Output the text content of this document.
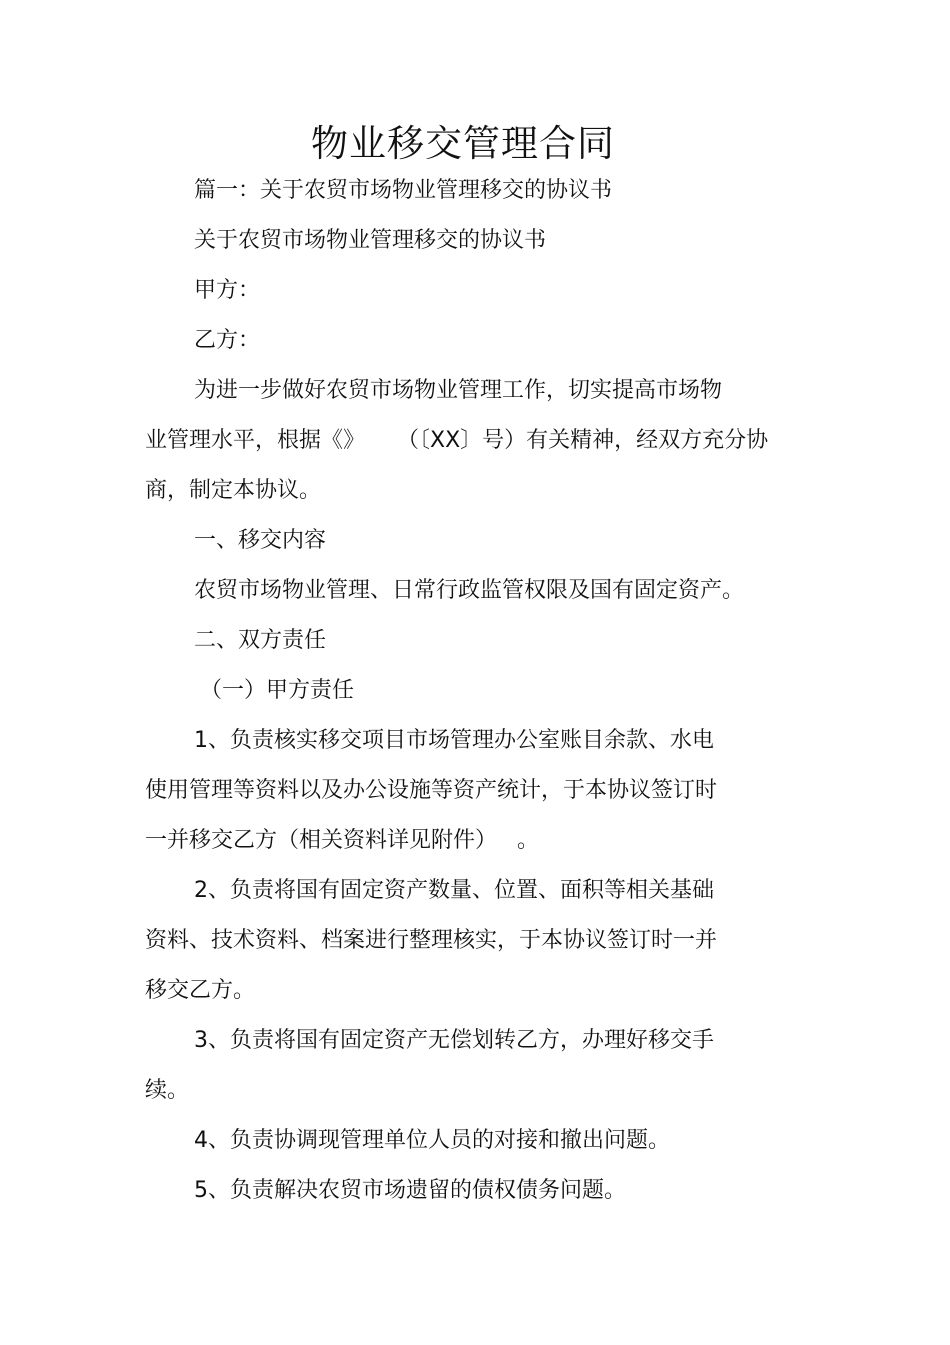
物业移交管理合同
篇一：关于农贸市场物业管理移交的协议书
关于农贸市场物业管理移交的协议书
甲方：
乙方：
为进一步做好农贸市场物业管理工作，切实提高市场物
业管理水平，根据《》 （〔XX〕号）有关精神，经双方充分协
商，制定本协议。
一、移交内容
农贸市场物业管理、日常行政监管权限及国有固定资产。
二、双方责任
（一）甲方责任
1、负责核实移交项目市场管理办公室账目余款、水电
使用管理等资料以及办公设施等资产统计，于本协议签订时
一并移交乙方（相关资料详见附件） 。
2、负责将国有固定资产数量、位置、面积等相关基础
资料、技术资料、档案进行整理核实，于本协议签订时一并
移交乙方。
3、负责将国有固定资产无偿划转乙方，办理好移交手
续。
4、负责协调现管理单位人员的对接和撤出问题。
5、负责解决农贸市场遗留的债权债务问题。
